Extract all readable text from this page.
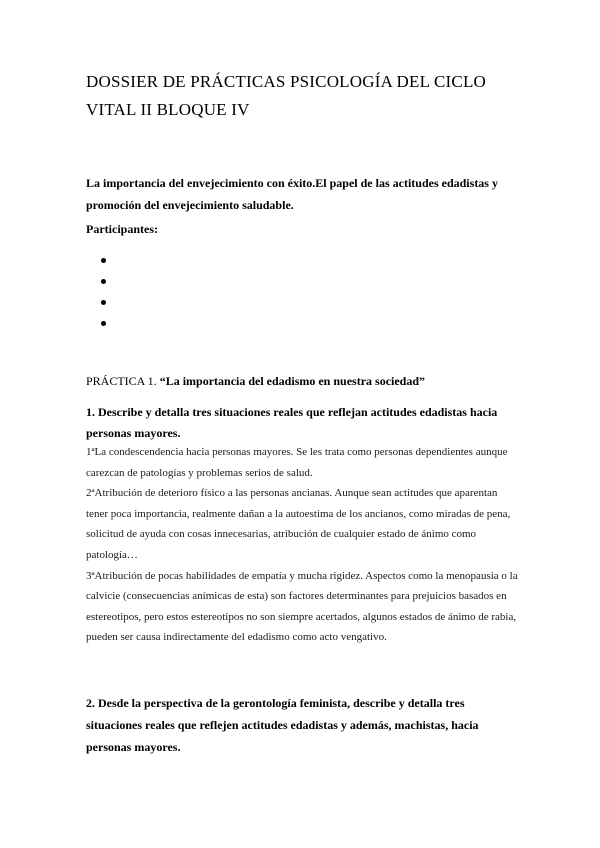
DOSSIER DE PRÁCTICAS PSICOLOGÍA DEL CICLO VITAL II BLOQUE IV
La importancia del envejecimiento con éxito.El papel de las actitudes edadistas y promoción del envejecimiento saludable.
Participantes:
PRÁCTICA 1. “La importancia del edadismo en nuestra sociedad”
1. Describe y detalla tres situaciones reales que reflejan actitudes edadistas hacia personas mayores.

1ªLa condescendencia hacia personas mayores. Se les trata como personas dependientes aunque carezcan de patologías y problemas serios de salud.

2ªAtribución de deterioro físico a las personas ancianas. Aunque sean actitudes que aparentan tener poca importancia, realmente dañan a la autoestima de los ancianos, como miradas de pena, solicitud de ayuda con cosas innecesarias, atribución de cualquier estado de ánimo como patología…

3ªAtribución de pocas habilidades de empatía y mucha rigidez. Aspectos como la menopausia o la calvicie (consecuencias anímicas de esta) son factores determinantes para prejuicios basados en estereotipos, pero estos estereotipos no son siempre acertados, algunos estados de ánimo de rabia, pueden ser causa indirectamente del edadismo como acto vengativo.

2. Desde la perspectiva de la gerontología feminista, describe y detalla tres situaciones reales que reflejen actitudes edadistas y además, machistas, hacia personas mayores.
